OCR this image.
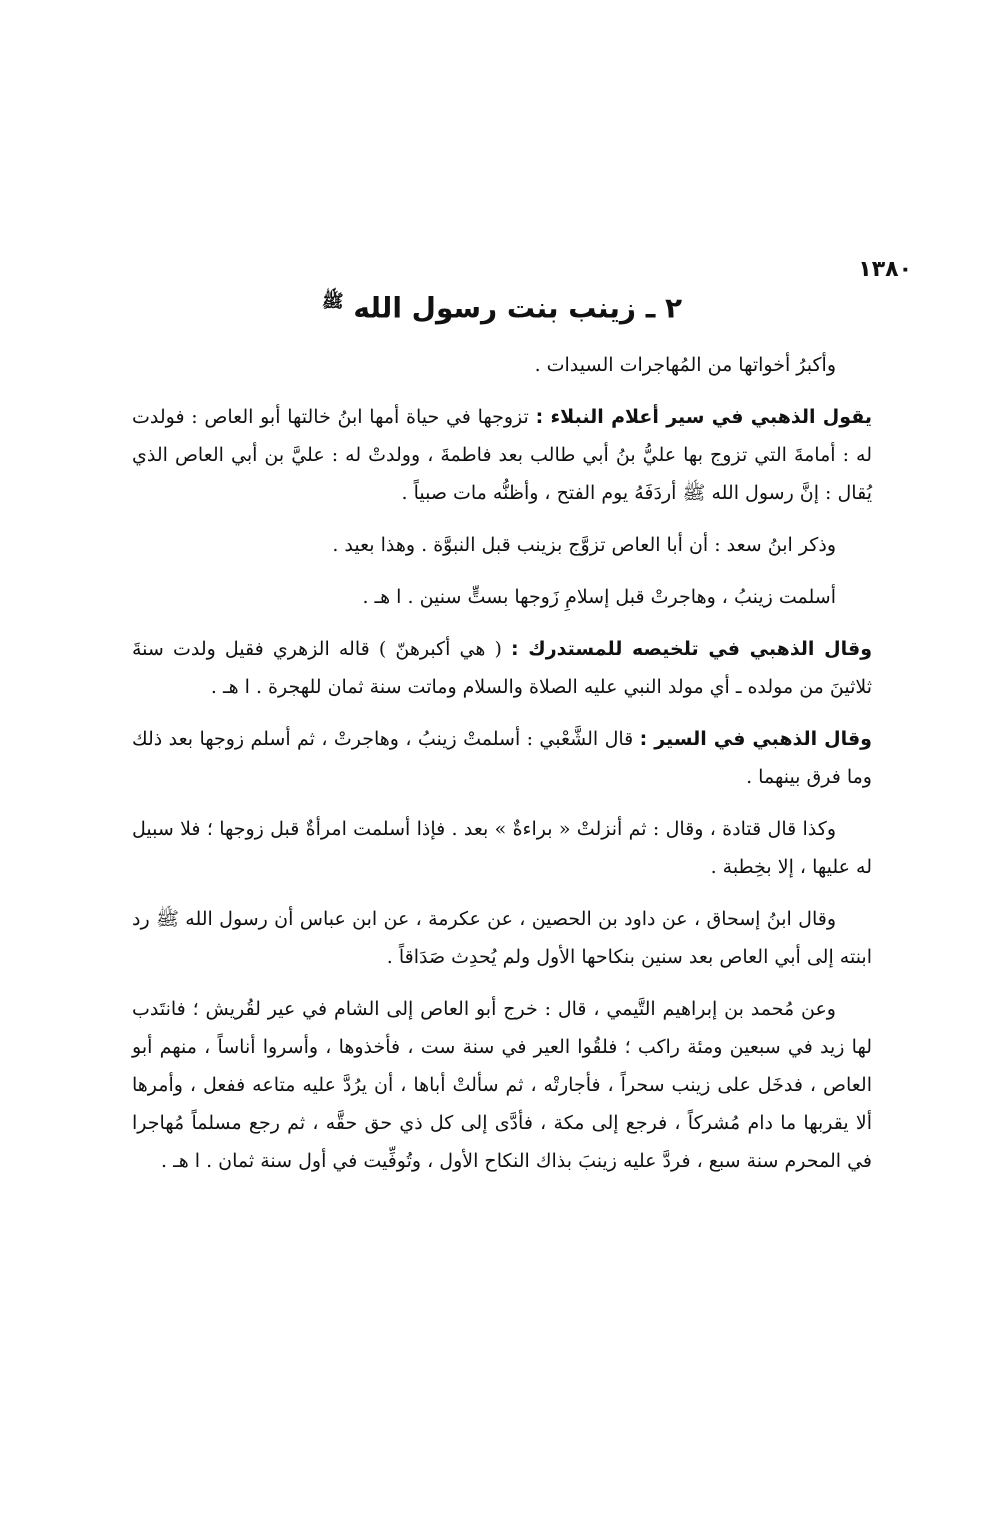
١٣٨٠
٢ ـ زينب بنت رسول الله $^ﷺ$

وأكبرُ أخواتها من المُهاجرات السيدات .

يقول الذهبي في سير أعلام النبلاء : تزوجها في حياة أمها ابنُ خالتها أبو العاص : فولدت له : أمامةَ التي تزوج بها عليُّ بنُ أبي طالب بعد فاطمةَ ، وولدتْ له : عليَّ بن أبي العاص الذي يُقال : إنَّ رسول الله ﷺ أردَفَهُ يوم الفتح ، وأظنُّه مات صبياً .

وذكر ابنُ سعد : أن أبا العاص تزوَّج بزينب قبل النبوَّة . وهذا بعيد .

أسلمت زينبُ ، وهاجرتْ قبل إسلامِ زَوجها بستٍّ سنين . ا هـ .

وقال الذهبي في تلخيصه للمستدرك : ( هي أكبرهنّ ) قاله الزهري فقيل ولدت سنةَ ثلاثينَ من مولده ـ أي مولد النبي عليه الصلاة والسلام وماتت سنة ثمان للهجرة . ا هـ .

وقال الذهبي في السير : قال الشَّعْبي : أسلمتْ زينبُ ، وهاجرتْ ، ثم أسلم زوجها بعد ذلك وما فرق بينهما .

وكذا قال قتادة ، وقال : ثم أنزلتْ « براءةٌ » بعد . فإذا أسلمت امرأةٌ قبل زوجها ؛ فلا سبيل له عليها ، إلا بخِطبة .

وقال ابنُ إسحاق ، عن داود بن الحصين ، عن عكرمة ، عن ابن عباس أن رسول الله ﷺ رد ابنته إلى أبي العاص بعد سنين بنكاحها الأول ولم يُحدِث صَدَاقاً .

وعن مُحمد بن إبراهيم التَّيمي ، قال : خرج أبو العاص إلى الشام في عير لقُريش ؛ فانتَدب لها زيد في سبعين ومئة راكب ؛ فلقُوا العير في سنة ست ، فأخذوها ، وأسروا أناساً ، منهم أبو العاص ، فدخَل على زينب سحراً ، فأجارتْه ، ثم سألتْ أباها ، أن يرُدَّ عليه متاعه ففعل ، وأمرها ألا يقربها ما دام مُشركاً ، فرجع إلى مكة ، فأدَّى إلى كل ذي حق حقَّه ، ثم رجع مسلماً مُهاجرا في المحرم سنة سبع ، فردَّ عليه زينبَ بذاك النكاح الأول ، وتُوفِّيت في أول سنة ثمان . ا هـ .
